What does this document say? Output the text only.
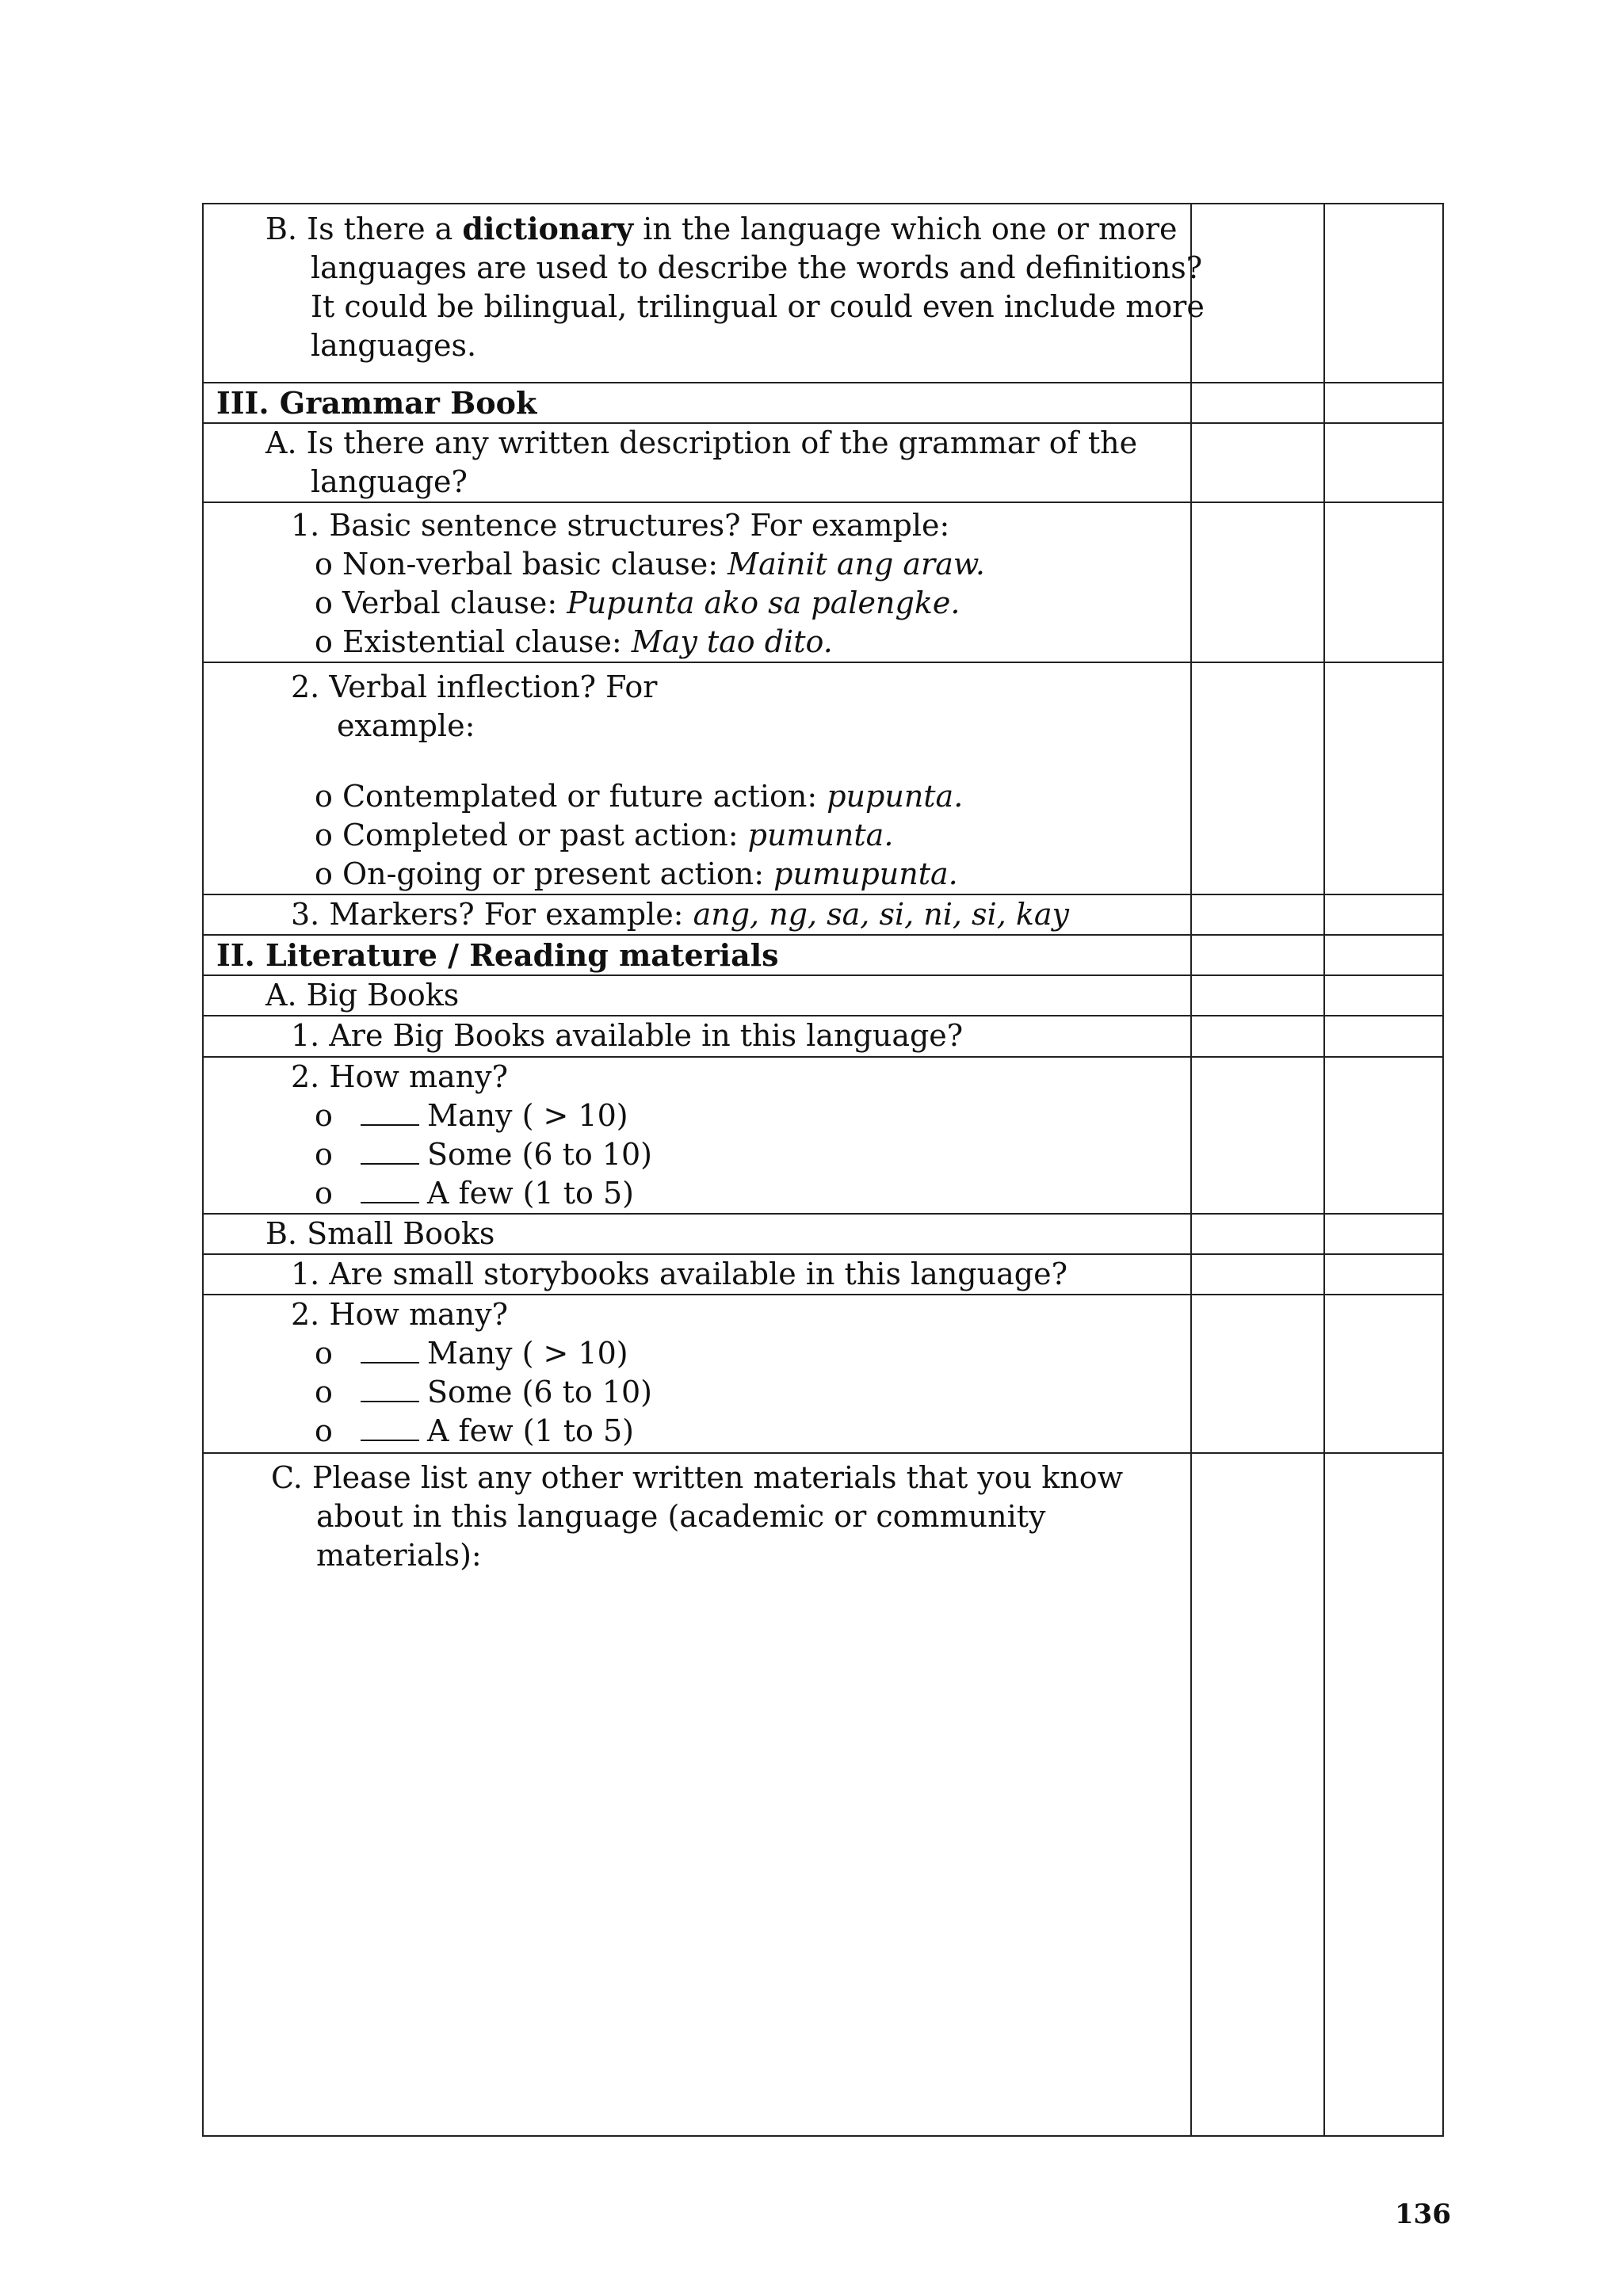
B. Is there a dictionary in the language which one or more
languages are used to describe the words and definitions?
It could be bilingual, trilingual or could even include more
languages.		

III. Grammar Book		

A. Is there any written description of the grammar of the
language?		

1. Basic sentence structures? For example:
o Non-verbal basic clause: Mainit ang araw.
o Verbal clause: Pupunta ako sa palengke.
o Existential clause: May tao dito.		

2. Verbal inflection? For
example:
o Contemplated or future action: pupunta.
o Completed or past action: pumunta.
o On-going or present action: pumupunta.		

3. Markers? For example: ang, ng, sa, si, ni, si, kay		

II. Literature / Reading materials		

A. Big Books		

1. Are Big Books available in this language?		

2. How many?
o Many ( > 10)
o Some (6 to 10)
o A few (1 to 5)		

B. Small Books		

1. Are small storybooks available in this language?		

2. How many?
o Many ( > 10)
o Some (6 to 10)
o A few (1 to 5)		

C. Please list any other written materials that you know
about in this language (academic or community
materials):		

136
